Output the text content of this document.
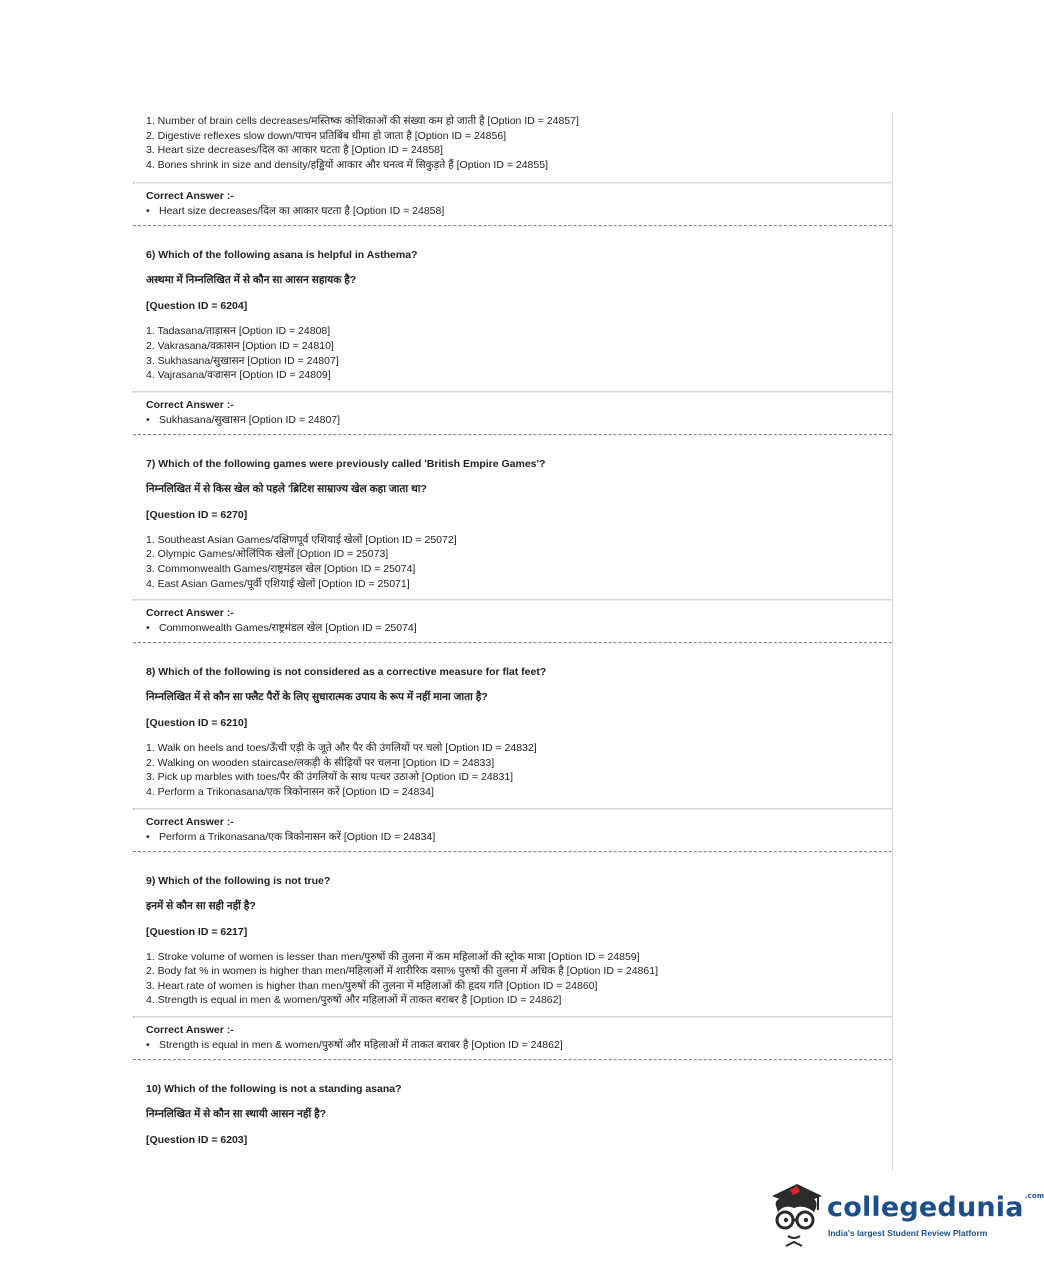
1. Number of brain cells decreases/मस्तिष्क कोशिकाओं की संख्या कम हो जाती है [Option ID = 24857]
2. Digestive reflexes slow down/पाचन प्रतिबिंब धीमा हो जाता है [Option ID = 24856]
3. Heart size decreases/दिल का आकार घटता है [Option ID = 24858]
4. Bones shrink in size and density/हड्डियों आकार और घनत्व में सिकुड़ते हैं [Option ID = 24855]
Correct Answer :-
• Heart size decreases/दिल का आकार घटता है [Option ID = 24858]
6) Which of the following asana is helpful in Asthema?
अस्थमा में निम्नलिखित में से कौन सा आसन सहायक है?
[Question ID = 6204]
1. Tadasana/ताड़ासन [Option ID = 24808]
2. Vakrasana/वक्रासन [Option ID = 24810]
3. Sukhasana/सुखासन [Option ID = 24807]
4. Vajrasana/वज्रासन [Option ID = 24809]
Correct Answer :-
• Sukhasana/सुखासन [Option ID = 24807]
7) Which of the following games were previously called 'British Empire Games'?
निम्नलिखित में से किस खेल को पहले 'ब्रिटिश साम्राज्य खेल कहा जाता था?
[Question ID = 6270]
1. Southeast Asian Games/दक्षिणपूर्व एशियाई खेलों [Option ID = 25072]
2. Olympic Games/ओलिंपिक खेलों [Option ID = 25073]
3. Commonwealth Games/राष्ट्रमंडल खेल [Option ID = 25074]
4. East Asian Games/पूर्वी एशियाई खेलों [Option ID = 25071]
Correct Answer :-
• Commonwealth Games/राष्ट्रमंडल खेल [Option ID = 25074]
8) Which of the following is not considered as a corrective measure for flat feet?
निम्नलिखित में से कौन सा फ्लैट पैरों के लिए सुधारात्मक उपाय के रूप में नहीं माना जाता है?
[Question ID = 6210]
1. Walk on heels and toes/ऊँची एड़ी के जूते और पैर की उंगलियों पर चलो [Option ID = 24832]
2. Walking on wooden staircase/लकड़ी के सीढ़ियों पर चलना [Option ID = 24833]
3. Pick up marbles with toes/पैर की उंगलियों के साथ पत्थर उठाओ [Option ID = 24831]
4. Perform a Trikonasana/एक त्रिकोनासन करें [Option ID = 24834]
Correct Answer :-
• Perform a Trikonasana/एक त्रिकोनासन करें [Option ID = 24834]
9) Which of the following is not true?
इनमें से कौन सा सही नहीं है?
[Question ID = 6217]
1. Stroke volume of women is lesser than men/पुरुषों की तुलना में कम महिलाओं की स्ट्रोक मात्रा [Option ID = 24859]
2. Body fat % in women is higher than men/महिलाओं में शारीरिक वसा% पुरुषों की तुलना में अधिक है [Option ID = 24861]
3. Heart rate of women is higher than men/पुरुषों की तुलना में महिलाओं की हृदय गति [Option ID = 24860]
4. Strength is equal in men & women/पुरुषों और महिलाओं में ताकत बराबर है [Option ID = 24862]
Correct Answer :-
• Strength is equal in men & women/पुरुषों और महिलाओं में ताकत बराबर है [Option ID = 24862]
10) Which of the following is not a standing asana?
निम्नलिखित में से कौन सा स्थायी आसन नहीं है?
[Question ID = 6203]
collegedunia$^{.com}$
India's largest Student Review Platform
